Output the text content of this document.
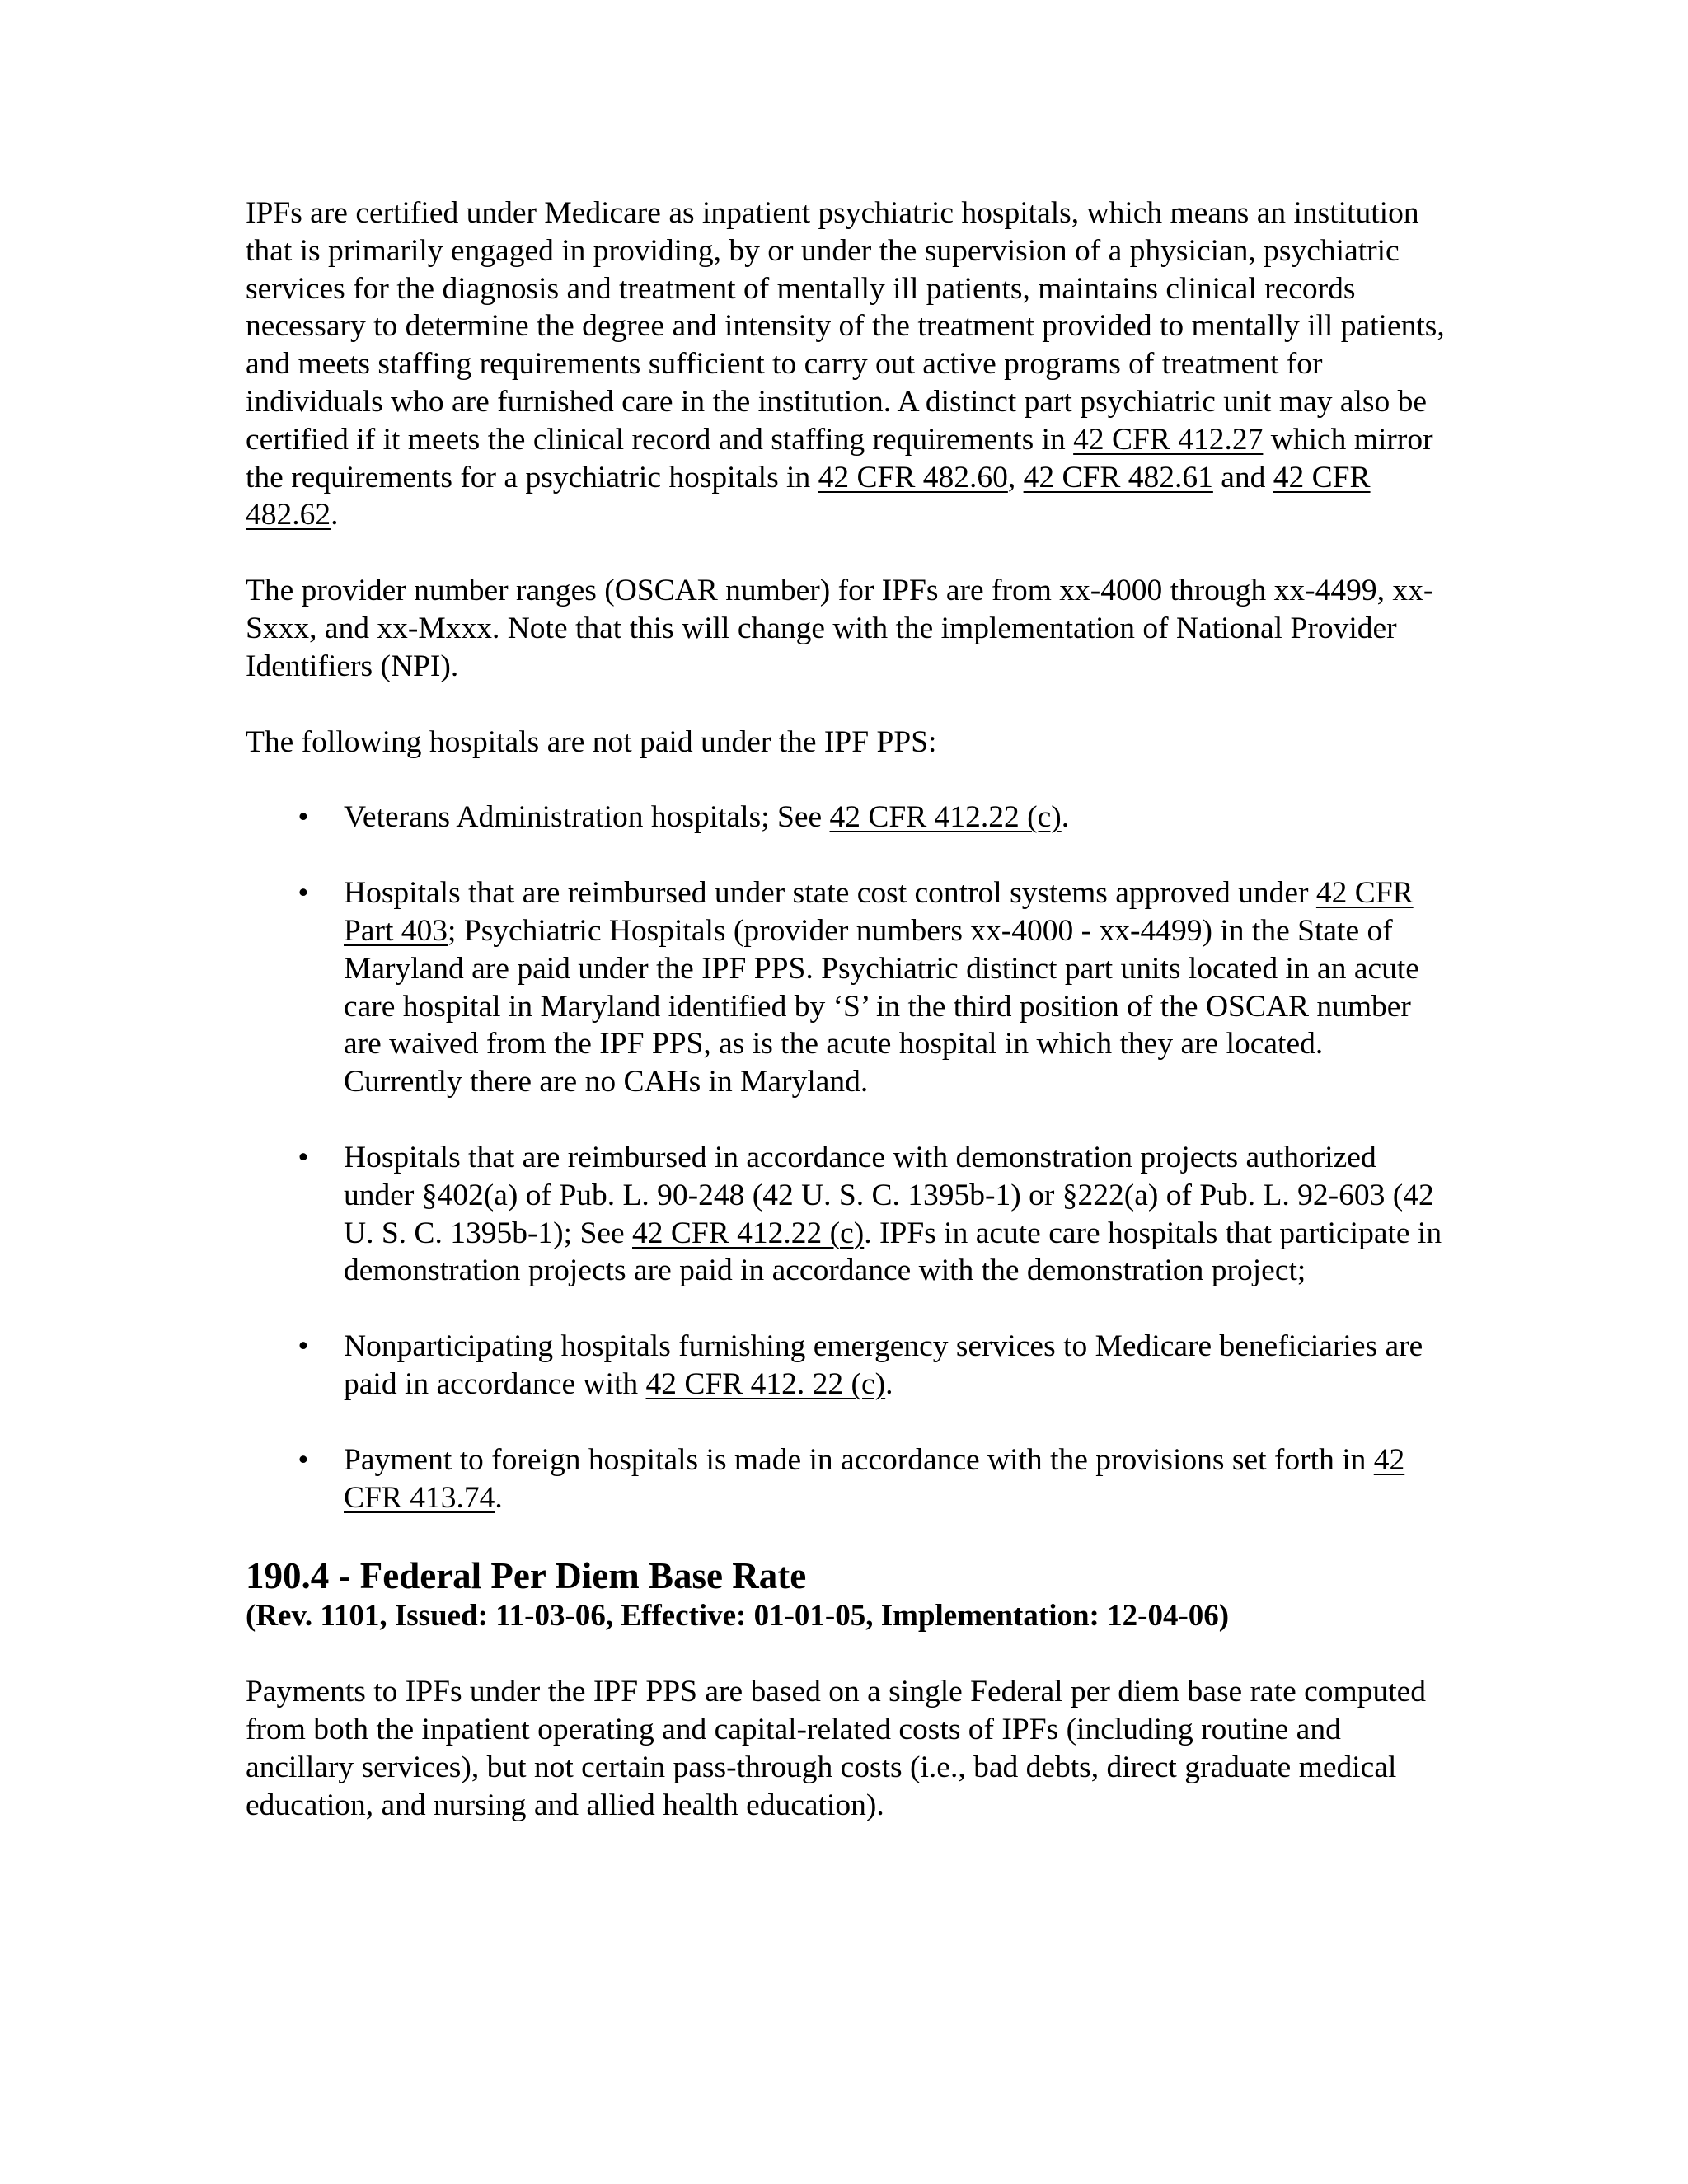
IPFs are certified under Medicare as inpatient psychiatric hospitals, which means an institution that is primarily engaged in providing, by or under the supervision of a physician, psychiatric services for the diagnosis and treatment of mentally ill patients, maintains clinical records necessary to determine the degree and intensity of the treatment provided to mentally ill patients, and meets staffing requirements sufficient to carry out active programs of treatment for individuals who are furnished care in the institution. A distinct part psychiatric unit may also be certified if it meets the clinical record and staffing requirements in 42 CFR 412.27 which mirror the requirements for a psychiatric hospitals in 42 CFR 482.60, 42 CFR 482.61 and 42 CFR 482.62.

The provider number ranges (OSCAR number) for IPFs are from xx-4000 through xx-4499, xx-Sxxx, and xx-Mxxx. Note that this will change with the implementation of National Provider Identifiers (NPI).

The following hospitals are not paid under the IPF PPS:

• Veterans Administration hospitals; See 42 CFR 412.22 (c).
• Hospitals that are reimbursed under state cost control systems approved under 42 CFR Part 403; Psychiatric Hospitals (provider numbers xx-4000 - xx-4499) in the State of Maryland are paid under the IPF PPS. Psychiatric distinct part units located in an acute care hospital in Maryland identified by ‘S’ in the third position of the OSCAR number are waived from the IPF PPS, as is the acute hospital in which they are located. Currently there are no CAHs in Maryland.
• Hospitals that are reimbursed in accordance with demonstration projects authorized under §402(a) of Pub. L. 90-248 (42 U. S. C. 1395b-1) or §222(a) of Pub. L. 92-603 (42 U. S. C. 1395b-1); See 42 CFR 412.22 (c). IPFs in acute care hospitals that participate in demonstration projects are paid in accordance with the demonstration project;
• Nonparticipating hospitals furnishing emergency services to Medicare beneficiaries are paid in accordance with 42 CFR 412. 22 (c).
• Payment to foreign hospitals is made in accordance with the provisions set forth in 42 CFR 413.74.
190.4 - Federal Per Diem Base Rate
(Rev. 1101, Issued: 11-03-06, Effective: 01-01-05, Implementation: 12-04-06)

Payments to IPFs under the IPF PPS are based on a single Federal per diem base rate computed from both the inpatient operating and capital-related costs of IPFs (including routine and ancillary services), but not certain pass-through costs (i.e., bad debts, direct graduate medical education, and nursing and allied health education).
